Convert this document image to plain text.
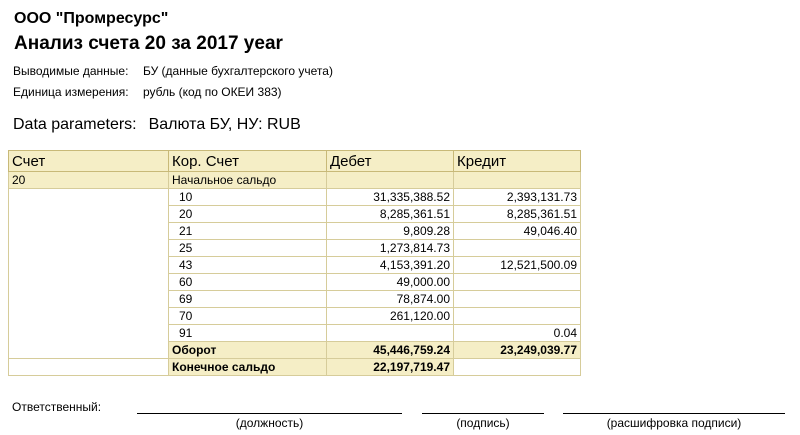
ООО "Промресурс"
Анализ счета 20 за 2017 year
Выводимые данные: БУ (данные бухгалтерского учета)
Единица измерения: рубль (код по ОКЕИ 383)
Data parameters: Валюта БУ, НУ: RUB
Счет	Кор. Счет	Дебет	Кредит
20	Начальное сальдо		
	10	31,335,388.52	2,393,131.73
	20	8,285,361.51	8,285,361.51
	21	9,809.28	49,046.40
	25	1,273,814.73	
	43	4,153,391.20	12,521,500.09
	60	49,000.00	
	69	78,874.00	
	70	261,120.00	
	91		0.04
	Оборот	45,446,759.24	23,249,039.77
	Конечное сальдо	22,197,719.47	
Ответственный:
(должность)	(подпись)	(расшифровка подписи)
